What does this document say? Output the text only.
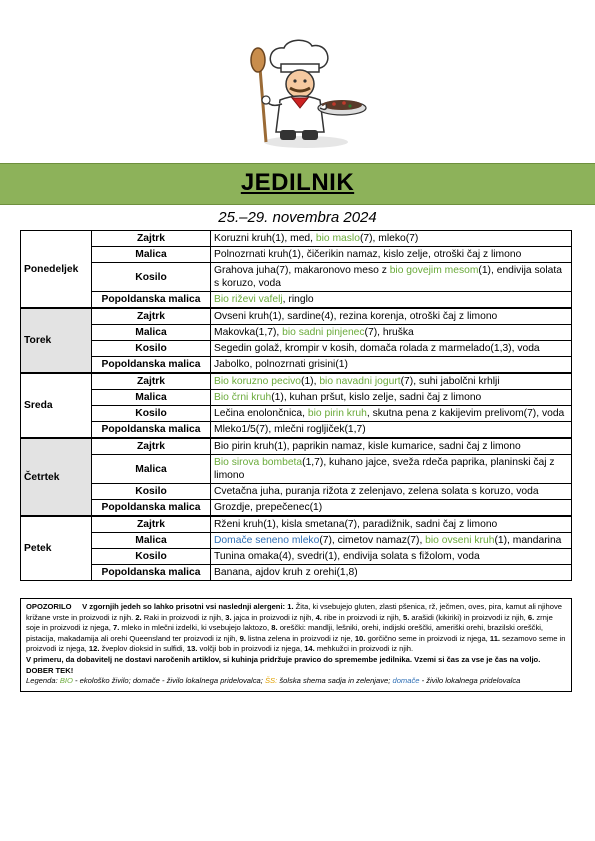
JEDILNIK
25.–29. novembra 2024
Ponedeljek	Zajtrk	Koruzni kruh(1), med, bio maslo(7), mleko(7)
	Malica	Polnozrnati kruh(1), čičerikin namaz, kislo zelje, otroški čaj z limono
	Kosilo	Grahova juha(7), makaronovo meso z bio govejim mesom(1), endivija solata s koruzo, voda
	Popoldanska malica	Bio riževi vafelj, ringlo
Torek	Zajtrk	Ovseni kruh(1), sardine(4), rezina korenja, otroški čaj z limono
	Malica	Makovka(1,7), bio sadni pinjenec(7), hruška
	Kosilo	Segedin golaž, krompir v kosih, domača rolada z marmelado(1,3), voda
	Popoldanska malica	Jabolko, polnozrnati grisini(1)
Sreda	Zajtrk	Bio koruzno pecivo(1), bio navadni jogurt(7), suhi jabolčni krhlji
	Malica	Bio črni kruh(1), kuhan pršut, kislo zelje, sadni čaj z limono
	Kosilo	Lečina enolončnica, bio pirin kruh, skutna pena z kakijevim prelivom(7), voda
	Popoldanska malica	Mleko1/5(7), mlečni rogljiček(1,7)
Četrtek	Zajtrk	Bio pirin kruh(1), paprikin namaz, kisle kumarice, sadni čaj z limono
	Malica	Bio sirova bombeta(1,7), kuhano jajce, sveža rdeča paprika, planinski čaj z limono
	Kosilo	Cvetačna juha, puranja rižota z zelenjavo, zelena solata s koruzo, voda
	Popoldanska malica	Grozdje, prepečenec(1)
Petek	Zajtrk	Rženi kruh(1), kisla smetana(7), paradižnik, sadni čaj z limono
	Malica	Domače seneno mleko(7), cimetov namaz(7), bio ovseni kruh(1), mandarina
	Kosilo	Tunina omaka(4), svedri(1), endivija solata s fižolom, voda
	Popoldanska malica	Banana, ajdov kruh z orehi(1,8)
OPOZORILO V zgornjih jedeh so lahko prisotni vsi naslednji alergeni: 1. Žita, ki vsebujejo gluten, zlasti pšenica, rž, ječmen, oves, pira, kamut ali njihove križane vrste in proizvodi iz njih. 2. Raki in proizvodi iz njih, 3. jajca in proizvodi iz njih, 4. ribe in proizvodi iz njih, 5. arašidi (kikiriki) in proizvodi iz njih, 6. zrnje soje in proizvodi iz njega, 7. mleko in mlečni izdelki, ki vsebujejo laktozo, 8. oreščki: mandlji, lešniki, orehi, indijski oreščki, ameriški orehi, brazilski oreščki, pistacija, makadamija ali orehi Queensland ter proizvodi iz njih, 9. listna zelena in proizvodi iz nje, 10. gorčično seme in proizvodi iz njega, 11. sezamovo seme in proizvodi iz njega, 12. žveplov dioksid in sulfidi, 13. volčji bob in proizvodi iz njega, 14. mehkužci in proizvodi iz njih.
V primeru, da dobavitelj ne dostavi naročenih artiklov, si kuhinja pridržuje pravico do spremembe jedilnika. Vzemi si čas za vse je čas na voljo.
DOBER TEK!
Legenda: BIO - ekološko živilo; domače - živilo lokalnega pridelovalca; ŠS: šolska shema sadja in zelenjave; domače - živilo lokalnega pridelovalca
